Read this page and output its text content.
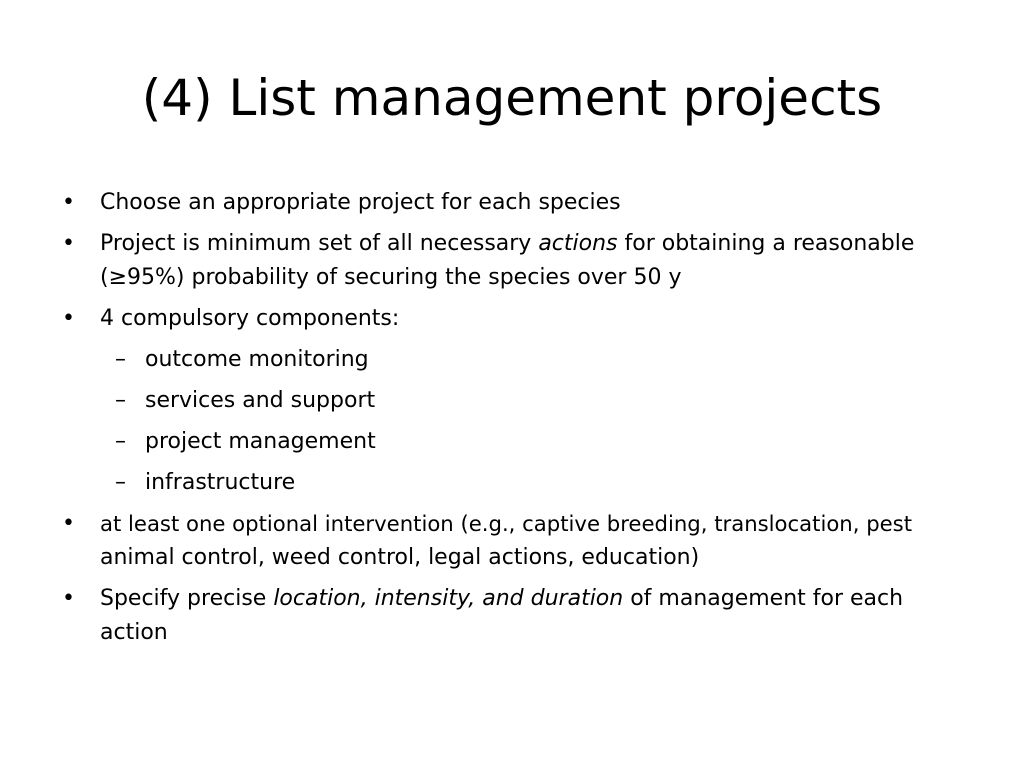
(4) List management projects
• Choose an appropriate project for each species
• Project is minimum set of all necessary actions for obtaining a reasonable
(≥95%) probability of securing the species over 50 y
• 4 compulsory components:
– outcome monitoring
– services and support
– project management
– infrastructure
• at least one optional intervention (e.g., captive breeding, translocation, pest
animal control, weed control, legal actions, education)
• Specify precise location, intensity, and duration of management for each
action
